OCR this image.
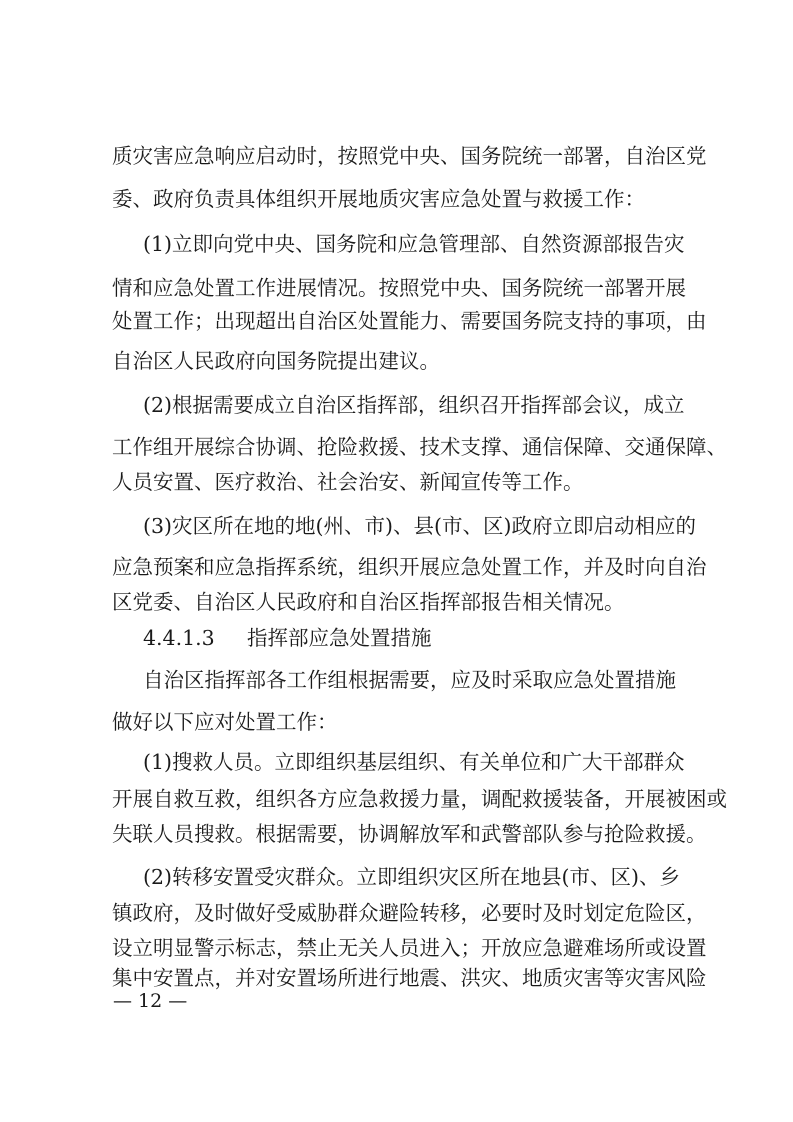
质灾害应急响应启动时，按照党中央、国务院统一部署，自治区党
委、政府负责具体组织开展地质灾害应急处置与救援工作：
(1)立即向党中央、国务院和应急管理部、自然资源部报告灾
情和应急处置工作进展情况。按照党中央、国务院统一部署开展
处置工作；出现超出自治区处置能力、需要国务院支持的事项，由
自治区人民政府向国务院提出建议。
(2)根据需要成立自治区指挥部，组织召开指挥部会议，成立
工作组开展综合协调、抢险救援、技术支撑、通信保障、交通保障、
人员安置、医疗救治、社会治安、新闻宣传等工作。
(3)灾区所在地的地(州、市)、县(市、区)政府立即启动相应的
应急预案和应急指挥系统，组织开展应急处置工作，并及时向自治
区党委、自治区人民政府和自治区指挥部报告相关情况。
4.4.1.3 指挥部应急处置措施
自治区指挥部各工作组根据需要，应及时采取应急处置措施
做好以下应对处置工作：
(1)搜救人员。立即组织基层组织、有关单位和广大干部群众
开展自救互救，组织各方应急救援力量，调配救援装备，开展被困或
失联人员搜救。根据需要，协调解放军和武警部队参与抢险救援。
(2)转移安置受灾群众。立即组织灾区所在地县(市、区)、乡
镇政府，及时做好受威胁群众避险转移，必要时及时划定危险区，
设立明显警示标志，禁止无关人员进入；开放应急避难场所或设置
集中安置点，并对安置场所进行地震、洪灾、地质灾害等灾害风险
— 12 —
